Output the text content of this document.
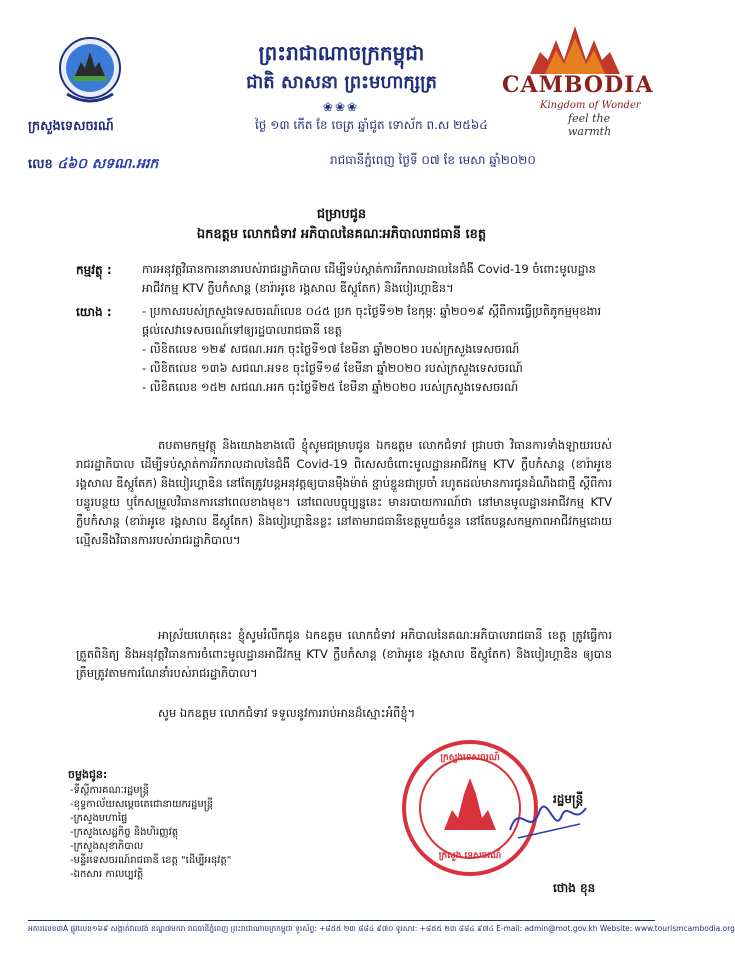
ព្រះរាជាណាចក្រកម្ពុជា
ជាតិ សាសនា ព្រះមហាក្សត្រ
❀❀❀
CAMBODIA
Kingdom of Wonder
feel the warmth
ក្រសួងទេសចរណ៍
លេខ ៤៦០ សទណ.អរក
ថ្ងៃ ១៣ កើត ខែ ចេត្រ ឆ្នាំជូត ទោស័ក ព.ស ២៥៦៤
រាជធានីភ្នំពេញ ថ្ងៃទី ០៧ ខែ មេសា ឆ្នាំ២០២០
ជម្រាបជូន
ឯកឧត្តម លោកជំទាវ អភិបាលនៃគណៈអភិបាលរាជធានី ខេត្ត
កម្មវត្ថុ :	ការអនុវត្តវិធានការនានារបស់រាជរដ្ឋាភិបាល ដើម្បីទប់ស្កាត់ការរីករាលដាលនៃជំងឺ Covid-19 ចំពោះមូលដ្ឋានអាជីវកម្ម KTV ក្លឹបកំសាន្ត (ខារ៉ាអូខេ រង្គសាល ឌីស្កូតែក) និងបៀរហ្គាឌិន។
យោង :	- ប្រកាសរបស់ក្រសួងទេសចរណ៍លេខ ០៤៥ ប្រក ចុះថ្ងៃទី១២ ខែកុម្ភៈ ឆ្នាំ២០១៩ ស្តីពីការធ្វើប្រតិភូកម្មមុខងារផ្តល់សេវាទេសចរណ៍ទៅឲ្យរដ្ឋបាលរាជធានី ខេត្ត
- លិខិតលេខ ១២៩ សជណ.អរក ចុះថ្ងៃទី១៧ ខែមីនា ឆ្នាំ២០២០ របស់ក្រសួងទេសចរណ៍
- លិខិតលេខ ១៣៦ សជណ.អទខ ចុះថ្ងៃទី១៨ ខែមីនា ឆ្នាំ២០២០ របស់ក្រសួងទេសចរណ៍
- លិខិតលេខ ១៥២ សជណ.អរក ចុះថ្ងៃទី២៥ ខែមីនា ឆ្នាំ២០២០ របស់ក្រសួងទេសចរណ៍
តបតាមកម្មវត្ថុ និងយោងខាងលើ ខ្ញុំសូមជម្រាបជូន ឯកឧត្តម លោកជំទាវ ជ្រាបថា វិធានការទាំងឡាយរបស់រាជរដ្ឋាភិបាល ដើម្បីទប់ស្កាត់ការរីករាលដាលនៃជំងឺ Covid-19 ពិសេសចំពោះមូលដ្ឋានអាជីវកម្ម KTV ក្លឹបកំសាន្ត (ខារ៉ាអូខេ រង្គសាល ឌីស្កូតែក) និងបៀរហ្គាឌិន នៅតែត្រូវបន្តអនុវត្តឲ្យបានម៉ឹងម៉ាត់ ខ្ជាប់ខ្ជួនជាប្រចាំ រហូតដល់មានការជូនដំណឹងជាថ្មី ស្តីពីការបន្ធូរបន្ថយ ឬកែសម្រួលវិធានការនៅពេលខាងមុខ។ នៅពេលបច្ចុប្បន្ននេះ មានរបាយការណ៍ថា នៅមានមូលដ្ឋានអាជីវកម្ម KTV ក្លឹបកំសាន្ត (ខារ៉ាអូខេ រង្គសាល ឌីស្កូតែក) និងបៀរហ្គាឌិនខ្លះ នៅតាមរាជធានីខេត្តមួយចំនួន នៅតែបន្តសកម្មភាពអាជីវកម្មដោយល្មើសនឹងវិធានការរបស់រាជរដ្ឋាភិបាល។
អាស្រ័យហេតុនេះ ខ្ញុំសូមរំលឹកជូន ឯកឧត្តម លោកជំទាវ អភិបាលនៃគណៈអភិបាលរាជធានី ខេត្ត ត្រូវធ្វើការត្រួតពិនិត្យ និងអនុវត្តវិធានការចំពោះមូលដ្ឋានអាជីវកម្ម KTV ក្លឹបកំសាន្ត (ខារ៉ាអូខេ រង្គសាល ឌីស្កូតែក) និងបៀរហ្គាឌិន ឲ្យបានត្រឹមត្រូវតាមការណែនាំរបស់រាជរដ្ឋាភិបាល។
សូម ឯកឧត្តម លោកជំទាវ ទទួលនូវការរាប់អានដ៏ស្មោះអំពីខ្ញុំ។
ចម្លងជូន:
-ទីស្តីការគណៈរដ្ឋមន្ត្រី
-ខុទ្ទកាល័យសម្តេចតេជោនាយករដ្ឋមន្ត្រី
-ក្រសួងមហាផ្ទៃ
-ក្រសួងសេដ្ឋកិច្ច និងហិរញ្ញវត្ថុ
-ក្រសួងសុខាភិបាល
-មន្ទីរទេសចរណ៍រាជធានី ខេត្ត "ដើម្បីអនុវត្ត"
-ឯកសារ កាលប្បវត្តិ
ក្រសួងទេសចរណ៍
ក្រសួង ទេសចរណ៍
រដ្ឋមន្ត្រី
ថោង ខុន
អគារលេខ៣A ផ្លូវលេខ១៦៩ សង្កាត់វាលវង់ ខណ្ឌ៧មករា រាជធានីភ្នំពេញ ព្រះរាជាណាចក្រកម្ពុជា ទូរស័ព្ទ: +៨៥៥ ២៣ ៨៨៤ ៩៧០ ទូរសារ: +៨៥៥ ២៣ ៨៨៤ ៩៧៤ E-mail: admin@mot.gov.kh Website: www.tourismcambodia.org
